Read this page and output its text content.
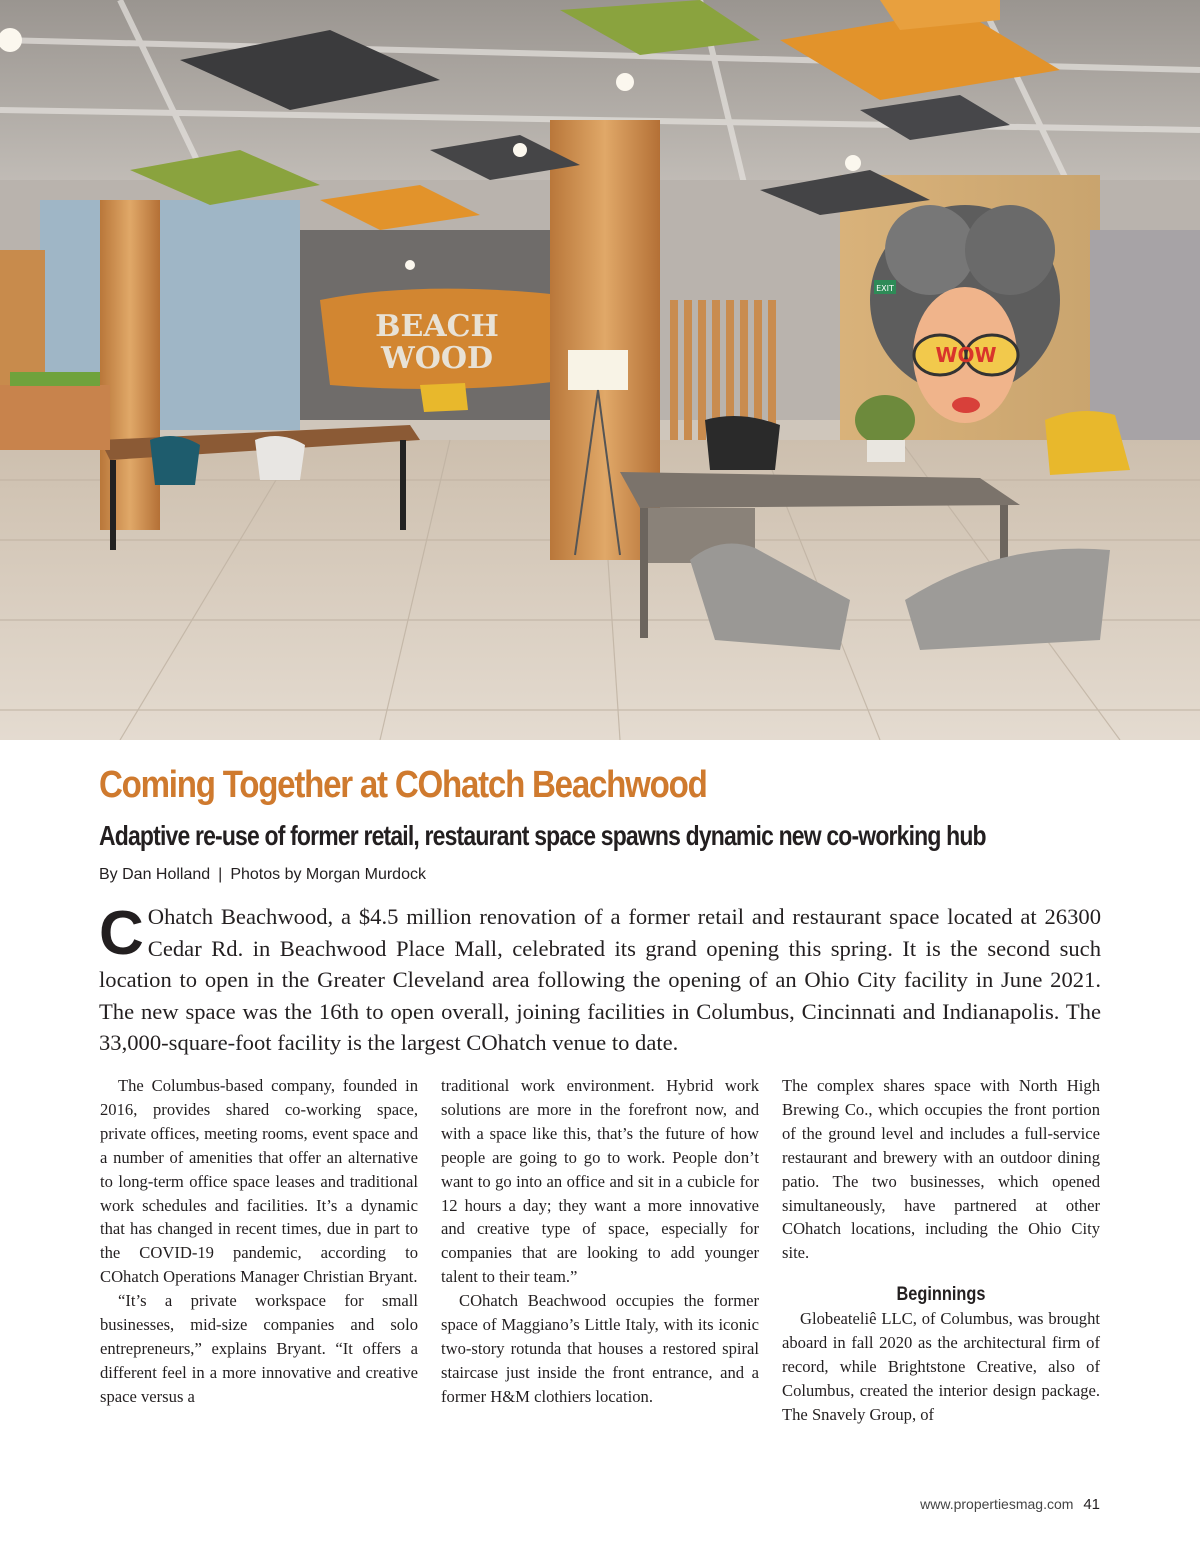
BEACH
WOOD	WOW
EXIT
Coming Together at COhatch Beachwood
Adaptive re-use of former retail, restaurant space spawns dynamic new co-working hub
By Dan Holland | Photos by Morgan Murdock

C Ohatch Beachwood, a $4.5 million renovation of a former retail and restaurant space located at 26300 Cedar Rd. in Beachwood Place Mall, celebrated its grand opening this spring. It is the second such location to open in the Greater Cleveland area following the opening of an Ohio City facility in June 2021. The new space was the 16th to open overall, joining facilities in Columbus, Cincinnati and Indianapolis. The 33,000-square-foot facility is the largest COhatch venue to date.

The Columbus-based company, founded in 2016, provides shared co-working space, private offices, meeting rooms, event space and a number of amenities that offer an alternative to long-term office space leases and traditional work schedules and facilities. It’s a dynamic that has changed in recent times, due in part to the COVID-19 pandemic, according to COhatch Operations Manager Christian Bryant.

“It’s a private workspace for small businesses, mid-size companies and solo entrepreneurs,” explains Bryant. “It offers a different feel in a more innovative and creative space versus a

traditional work environment. Hybrid work solutions are more in the forefront now, and with a space like this, that’s the future of how people are going to go to work. People don’t want to go into an office and sit in a cubicle for 12 hours a day; they want a more innovative and creative type of space, especially for companies that are looking to add younger talent to their team.”

COhatch Beachwood occupies the former space of Maggiano’s Little Italy, with its iconic two-story rotunda that houses a restored spiral staircase just inside the front entrance, and a former H&M clothiers location.

The complex shares space with North High Brewing Co., which occupies the front portion of the ground level and includes a full-service restaurant and brewery with an outdoor dining patio. The two businesses, which opened simultaneously, have partnered at other COhatch locations, including the Ohio City site.

Beginnings

Globeateliê LLC, of Columbus, was brought aboard in fall 2020 as the architectural firm of record, while Brightstone Creative, also of Columbus, created the interior design package. The Snavely Group, of

www.propertiesmag.com 41
